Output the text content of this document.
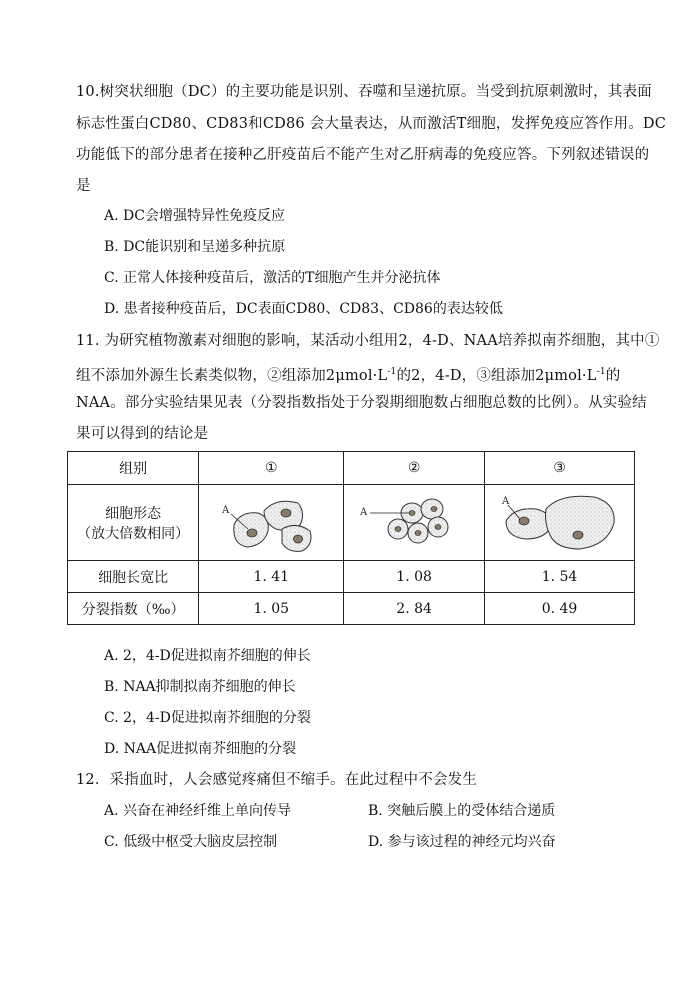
10.树突状细胞（DC）的主要功能是识别、吞噬和呈递抗原。当受到抗原刺激时，其表面
标志性蛋白CD80、CD83和CD86 会大量表达，从而激活T细胞，发挥免疫应答作用。DC
功能低下的部分患者在接种乙肝疫苗后不能产生对乙肝病毒的免疫应答。下列叙述错误的
是
A. DC会增强特异性免疫反应
B. DC能识别和呈递多种抗原
C. 正常人体接种疫苗后，激活的T细胞产生并分泌抗体
D. 患者接种疫苗后，DC表面CD80、CD83、CD86的表达较低
11. 为研究植物激素对细胞的影响，某活动小组用2，4-D、NAA培养拟南芥细胞，其中①
组不添加外源生长素类似物，②组添加$2\mu mol\cdot L^{-1}$的2，4-D，③组添加$2\mu mol\cdot L^{-1}$的
NAA。部分实验结果见表（分裂指数指处于分裂期细胞数占细胞总数的比例）。从实验结
果可以得到的结论是
组别	①	②	③

细胞形态
（放大倍数相同）	A	A	A

细胞长宽比	1. 41	1. 08	1. 54
分裂指数（‰）	1. 05	2. 84	0. 49
A. 2，4-D促进拟南芥细胞的伸长
B. NAA抑制拟南芥细胞的伸长
C. 2，4-D促进拟南芥细胞的分裂
D. NAA促进拟南芥细胞的分裂
12．采指血时，人会感觉疼痛但不缩手。在此过程中不会发生
A. 兴奋在神经纤维上单向传导	B. 突触后膜上的受体结合递质
C. 低级中枢受大脑皮层控制	D. 参与该过程的神经元均兴奋
